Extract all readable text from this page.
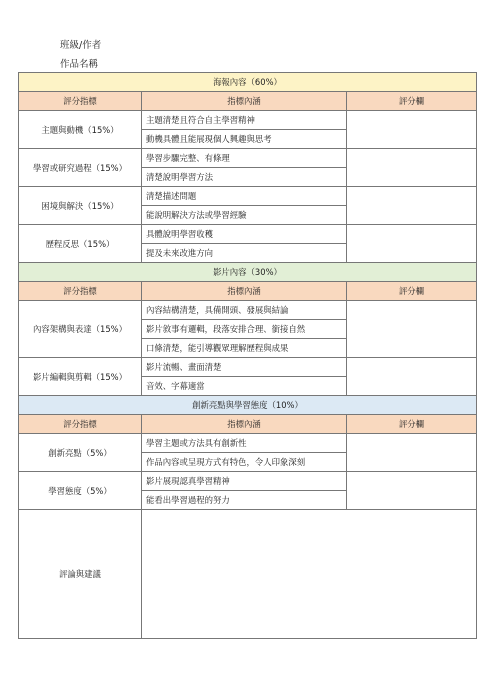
班級/作者
作品名稱
海報內容（60%）		
評分指標	指標內涵	評分欄
主題與動機（15%）	主題清楚且符合自主學習精神	
	動機具體且能展現個人興趣與思考	
學習或研究過程（15%）	學習步驟完整、有條理	
	清楚說明學習方法	
困境與解決（15%）	清楚描述問題	
	能說明解決方法或學習經驗	
歷程反思（15%）	具體說明學習收穫	
	提及未來改進方向	
影片內容（30%）		
評分指標	指標內涵	評分欄
內容架構與表達（15%）	內容結構清楚，具備開頭、發展與結論	
	影片敘事有邏輯，段落安排合理、銜接自然	
	口條清楚，能引導觀眾理解歷程與成果	
影片編輯與剪輯（15%）	影片流暢、畫面清楚	
	音效、字幕適當	
創新亮點與學習態度（10%）		
評分指標	指標內涵	評分欄
創新亮點（5%）	學習主題或方法具有創新性	
	作品內容或呈現方式有特色，令人印象深刻	
學習態度（5%）	影片展現認真學習精神	
	能看出學習過程的努力	
評論與建議		
